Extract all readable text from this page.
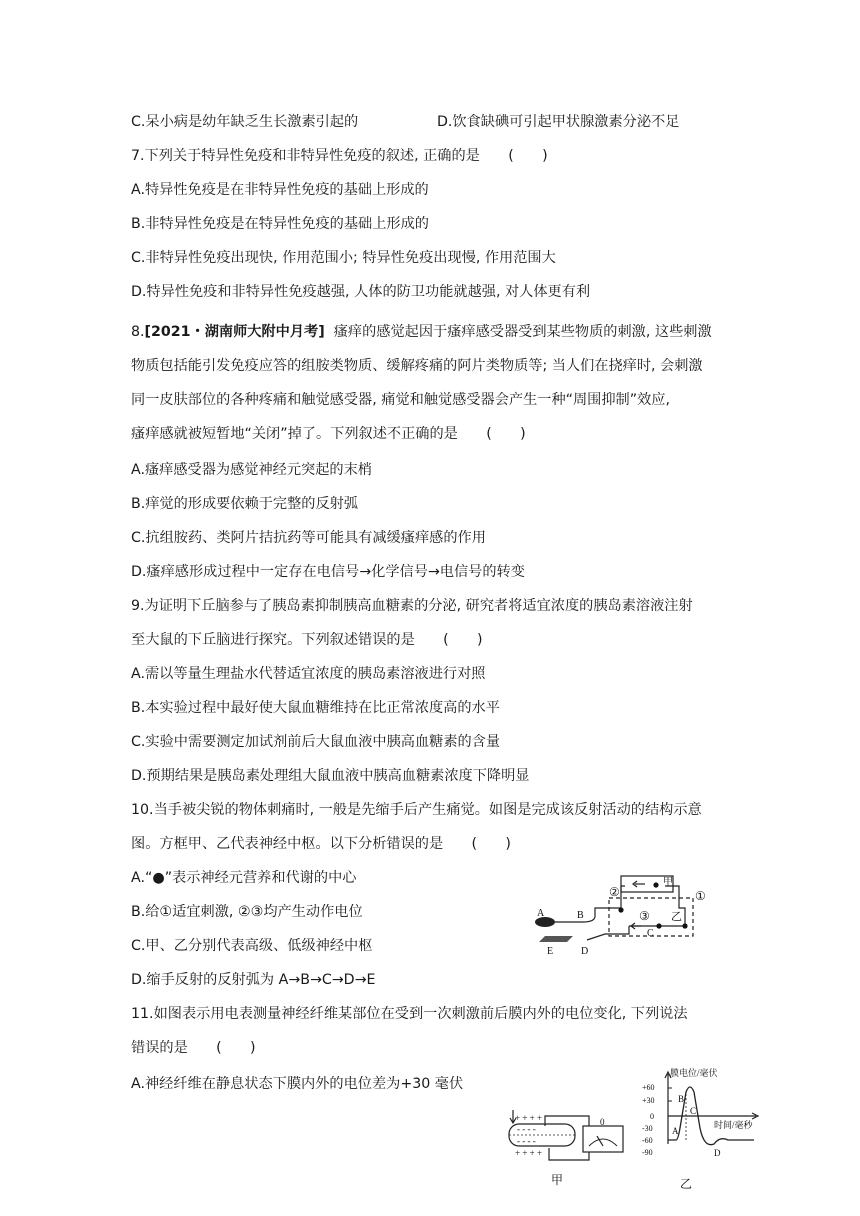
C.呆小病是幼年缺乏生长激素引起的	D.饮食缺碘可引起甲状腺激素分泌不足
7.下列关于特异性免疫和非特异性免疫的叙述, 正确的是　　(　　)
A.特异性免疫是在非特异性免疫的基础上形成的
B.非特异性免疫是在特异性免疫的基础上形成的
C.非特异性免疫出现快, 作用范围小; 特异性免疫出现慢, 作用范围大
D.特异性免疫和非特异性免疫越强, 人体的防卫功能就越强, 对人体更有利
8.[2021・湖南师大附中月考] 瘙痒的感觉起因于瘙痒感受器受到某些物质的刺激, 这些刺激
物质包括能引发免疫应答的组胺类物质、缓解疼痛的阿片类物质等; 当人们在挠痒时, 会刺激
同一皮肤部位的各种疼痛和触觉感受器, 痛觉和触觉感受器会产生一种“周围抑制”效应,
瘙痒感就被短暂地“关闭”掉了。下列叙述不正确的是　　(　　)
A.瘙痒感受器为感觉神经元突起的末梢
B.痒觉的形成要依赖于完整的反射弧
C.抗组胺药、类阿片拮抗药等可能具有减缓瘙痒感的作用
D.瘙痒感形成过程中一定存在电信号→化学信号→电信号的转变
9.为证明下丘脑参与了胰岛素抑制胰高血糖素的分泌, 研究者将适宜浓度的胰岛素溶液注射
至大鼠的下丘脑进行探究。下列叙述错误的是　　(　　)
A.需以等量生理盐水代替适宜浓度的胰岛素溶液进行对照
B.本实验过程中最好使大鼠血糖维持在比正常浓度高的水平
C.实验中需要测定加试剂前后大鼠血液中胰高血糖素的含量
D.预期结果是胰岛素处理组大鼠血液中胰高血糖素浓度下降明显
10.当手被尖锐的物体刺痛时, 一般是先缩手后产生痛觉。如图是完成该反射活动的结构示意
图。方框甲、乙代表神经中枢。以下分析错误的是　　(　　)
A.“●”表示神经元营养和代谢的中心
B.给①适宜刺激, ②③均产生动作电位
C.甲、乙分别代表高级、低级神经中枢
D.缩手反射的反射弧为 A→B→C→D→E
甲
乙
A	B
C
D
E
①
②
③
11.如图表示用电表测量神经纤维某部位在受到一次刺激前后膜内外的电位变化, 下列说法
错误的是　　(　　)
A.神经纤维在静息状态下膜内外的电位差为+30 毫伏
+ + + +
- - - -
- - - -
+ + + +
0
甲
膜电位/毫伏
时间/毫秒
+60
+30
0
-30
-60
-90
A
B
C
D
乙
